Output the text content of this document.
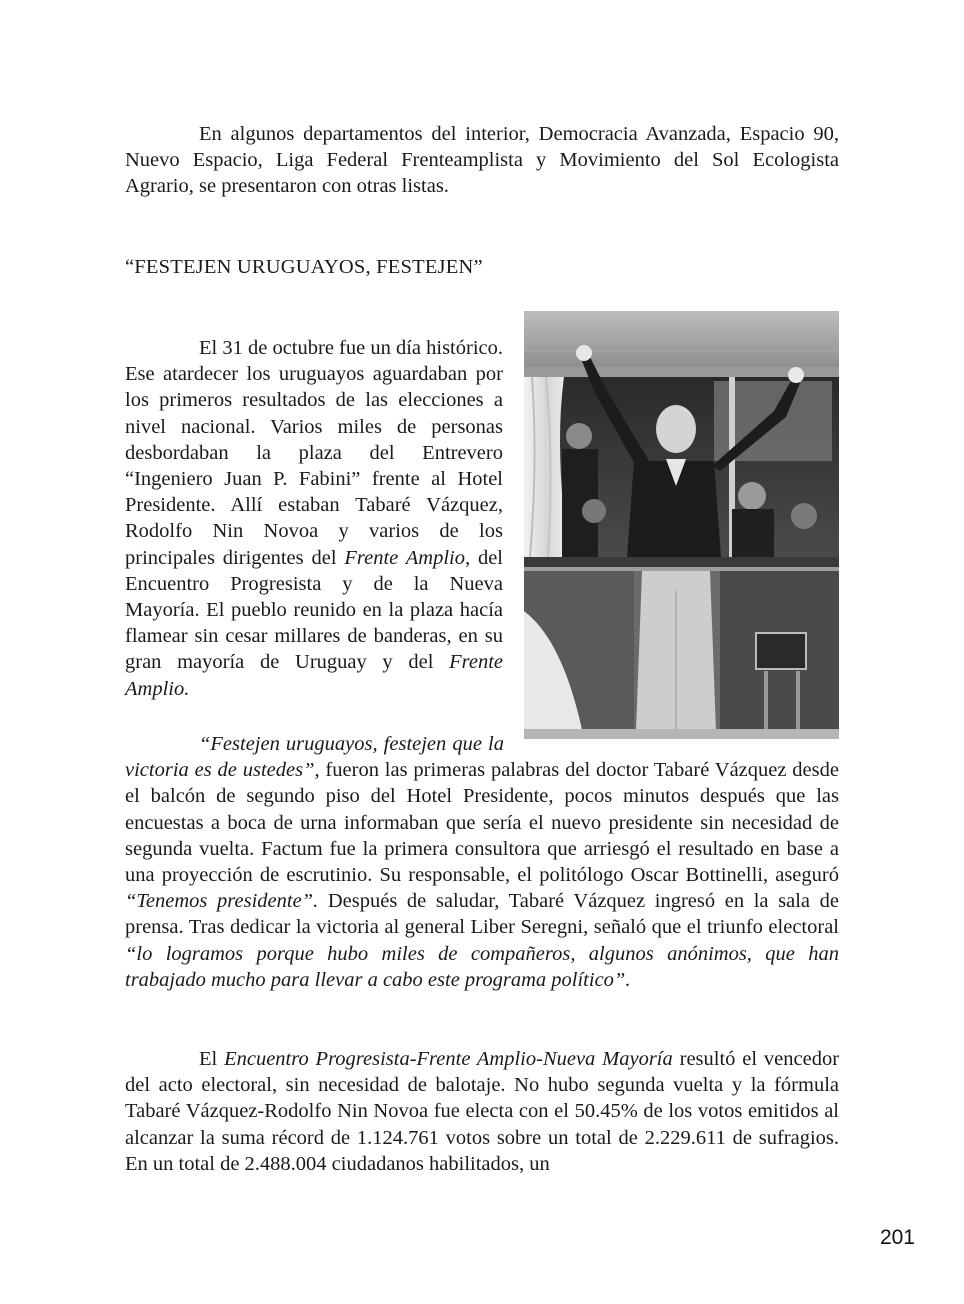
En algunos departamentos del interior, Democracia Avanzada, Espacio 90, Nuevo Espacio, Liga Federal Frenteamplista y Movimiento del Sol Ecologista Agrario, se presentaron con otras listas.

“FESTEJEN URUGUAYOS, FESTEJEN”

El 31 de octubre fue un día histórico. Ese atardecer los uruguayos aguardaban por los primeros resultados de las elecciones a nivel nacional. Varios miles de personas desbordaban la plaza del Entrevero “Ingeniero Juan P. Fabini” frente al Hotel Presidente. Allí estaban Tabaré Vázquez, Rodolfo Nin Novoa y varios de los principales dirigentes del Frente Amplio, del Encuentro Progresista y de la Nueva Mayoría. El pueblo reunido en la plaza hacía flamear sin cesar millares de banderas, en su gran mayoría de Uruguay y del Frente Amplio.

“Festejen uruguayos, festejen que la victoria es de ustedes”, fueron las primeras palabras del doctor Tabaré Vázquez desde el balcón de segundo piso del Hotel Presidente, pocos minutos después que las encuestas a boca de urna informaban que sería el nuevo presidente sin necesidad de segunda vuelta. Factum fue la primera consultora que arriesgó el resultado en base a una proyección de escrutinio. Su responsable, el politólogo Oscar Bottinelli, aseguró “Tenemos presidente”. Después de saludar, Tabaré Vázquez ingresó en la sala de prensa. Tras dedicar la victoria al general Liber Seregni, señaló que el triunfo electoral “lo logramos porque hubo miles de compañeros, algunos anónimos, que han trabajado mucho para llevar a cabo este programa político”.

El Encuentro Progresista-Frente Amplio-Nueva Mayoría resultó el vencedor del acto electoral, sin necesidad de balotaje. No hubo segunda vuelta y la fórmula Tabaré Vázquez-Rodolfo Nin Novoa fue electa con el 50.45% de los votos emitidos al alcanzar la suma récord de 1.124.761 votos sobre un total de 2.229.611 de sufragios. En un total de 2.488.004 ciudadanos habilitados, un

201
